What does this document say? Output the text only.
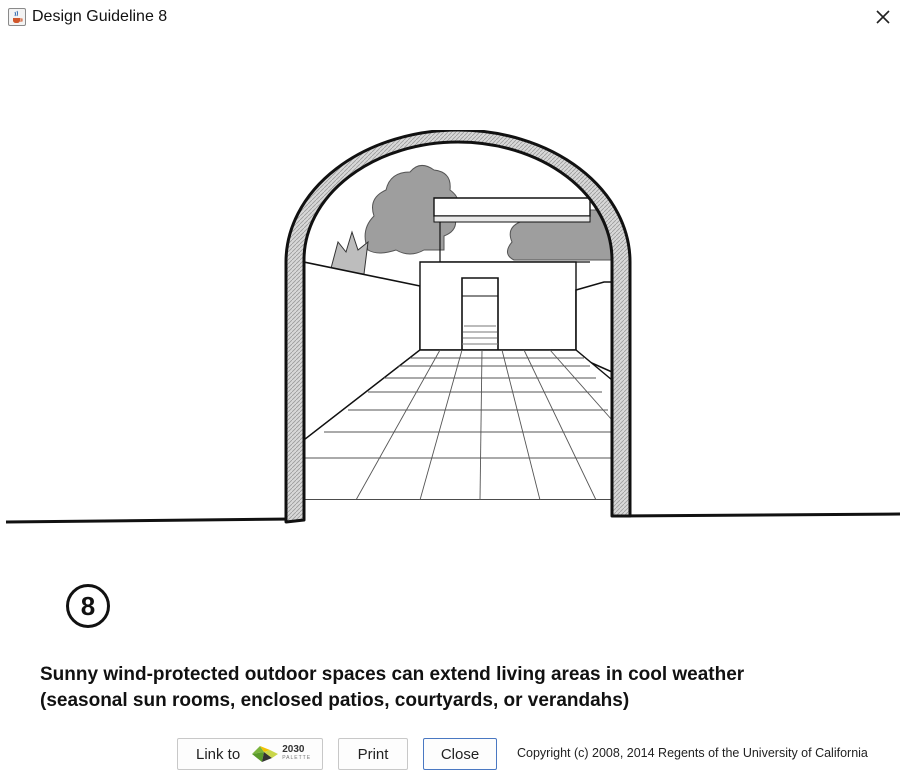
Design Guideline 8
8
Sunny wind-protected outdoor spaces can extend living areas in cool weather
(seasonal sun rooms, enclosed patios, courtyards, or verandahs)
Link to	2030
PALETTE	Print	Close	Copyright (c) 2008, 2014 Regents of the University of California
